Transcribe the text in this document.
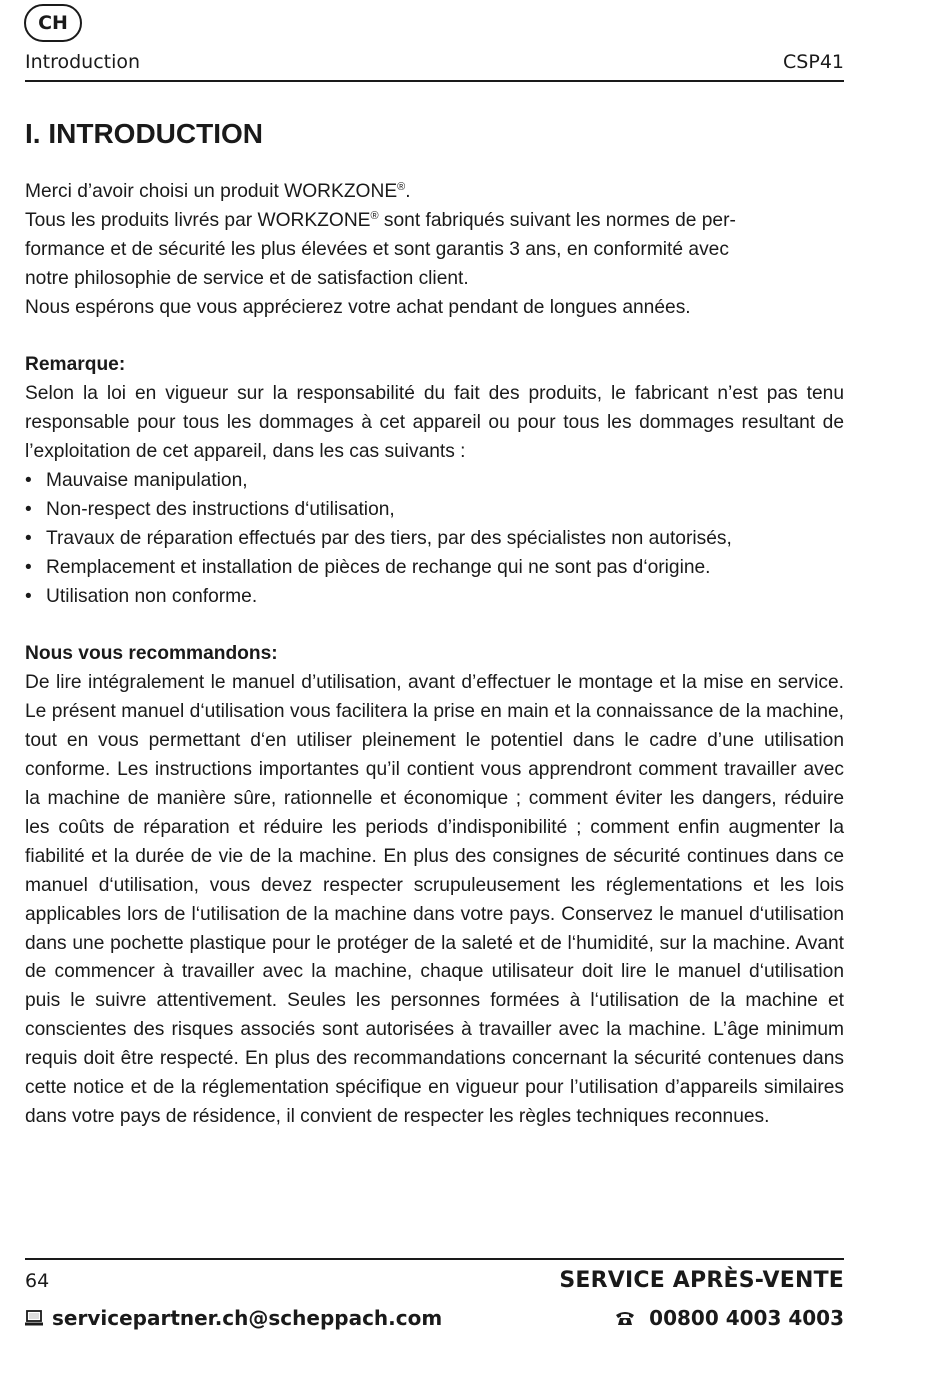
CH
Introduction	CSP41
I. INTRODUCTION

Merci d’avoir choisi un produit WORKZONE®.

Tous les produits livrés par WORKZONE® sont fabriqués suivant les normes de per-

formance et de sécurité les plus élevées et sont garantis 3 ans, en conformité avec

notre philosophie de service et de satisfaction client.

Nous espérons que vous apprécierez votre achat pendant de longues années.

Remarque:

Selon la loi en vigueur sur la responsabilité du fait des produits, le fabricant n’est pas tenu responsable pour tous les dommages à cet appareil ou pour tous les dommages resultant de l’exploitation de cet appareil, dans les cas suivants :

• Mauvaise manipulation,
• Non-respect des instructions d‘utilisation,
• Travaux de réparation effectués par des tiers, par des spécialistes non autorisés,
• Remplacement et installation de pièces de rechange qui ne sont pas d‘origine.
• Utilisation non conforme.

Nous vous recommandons:

De lire intégralement le manuel d’utilisation, avant d’effectuer le montage et la mise en service. Le présent manuel d‘utilisation vous facilitera la prise en main et la connaissance de la machine, tout en vous permettant d‘en utiliser pleinement le potentiel dans le cadre d’une utilisation conforme. Les instructions importantes qu’il contient vous apprendront comment travailler avec la machine de manière sûre, rationnelle et économique ; comment éviter les dangers, réduire les coûts de réparation et réduire les periods d’indisponibilité ; comment enfin augmenter la fiabilité et la durée de vie de la machine. En plus des consignes de sécurité continues dans ce manuel d‘utilisation, vous devez respecter scrupuleusement les réglementations et les lois applicables lors de l‘utilisation de la machine dans votre pays. Conservez le manuel d‘utilisation dans une pochette plastique pour le protéger de la saleté et de l‘humidité, sur la machine. Avant de commencer à travailler avec la machine, chaque utilisateur doit lire le manuel d‘utilisation puis le suivre attentivement. Seules les personnes formées à l‘utilisation de la machine et conscientes des risques associés sont autorisées à travailler avec la machine. L’âge minimum requis doit être respecté. En plus des recommandations concernant la sécurité contenues dans cette notice et de la réglementation spécifique en vigueur pour l’utilisation d’appareils similaires dans votre pays de résidence, il convient de respecter les règles techniques reconnues.

64	SERVICE APRÈS-VENTE
servicepartner.ch@scheppach.com	00800 4003 4003
